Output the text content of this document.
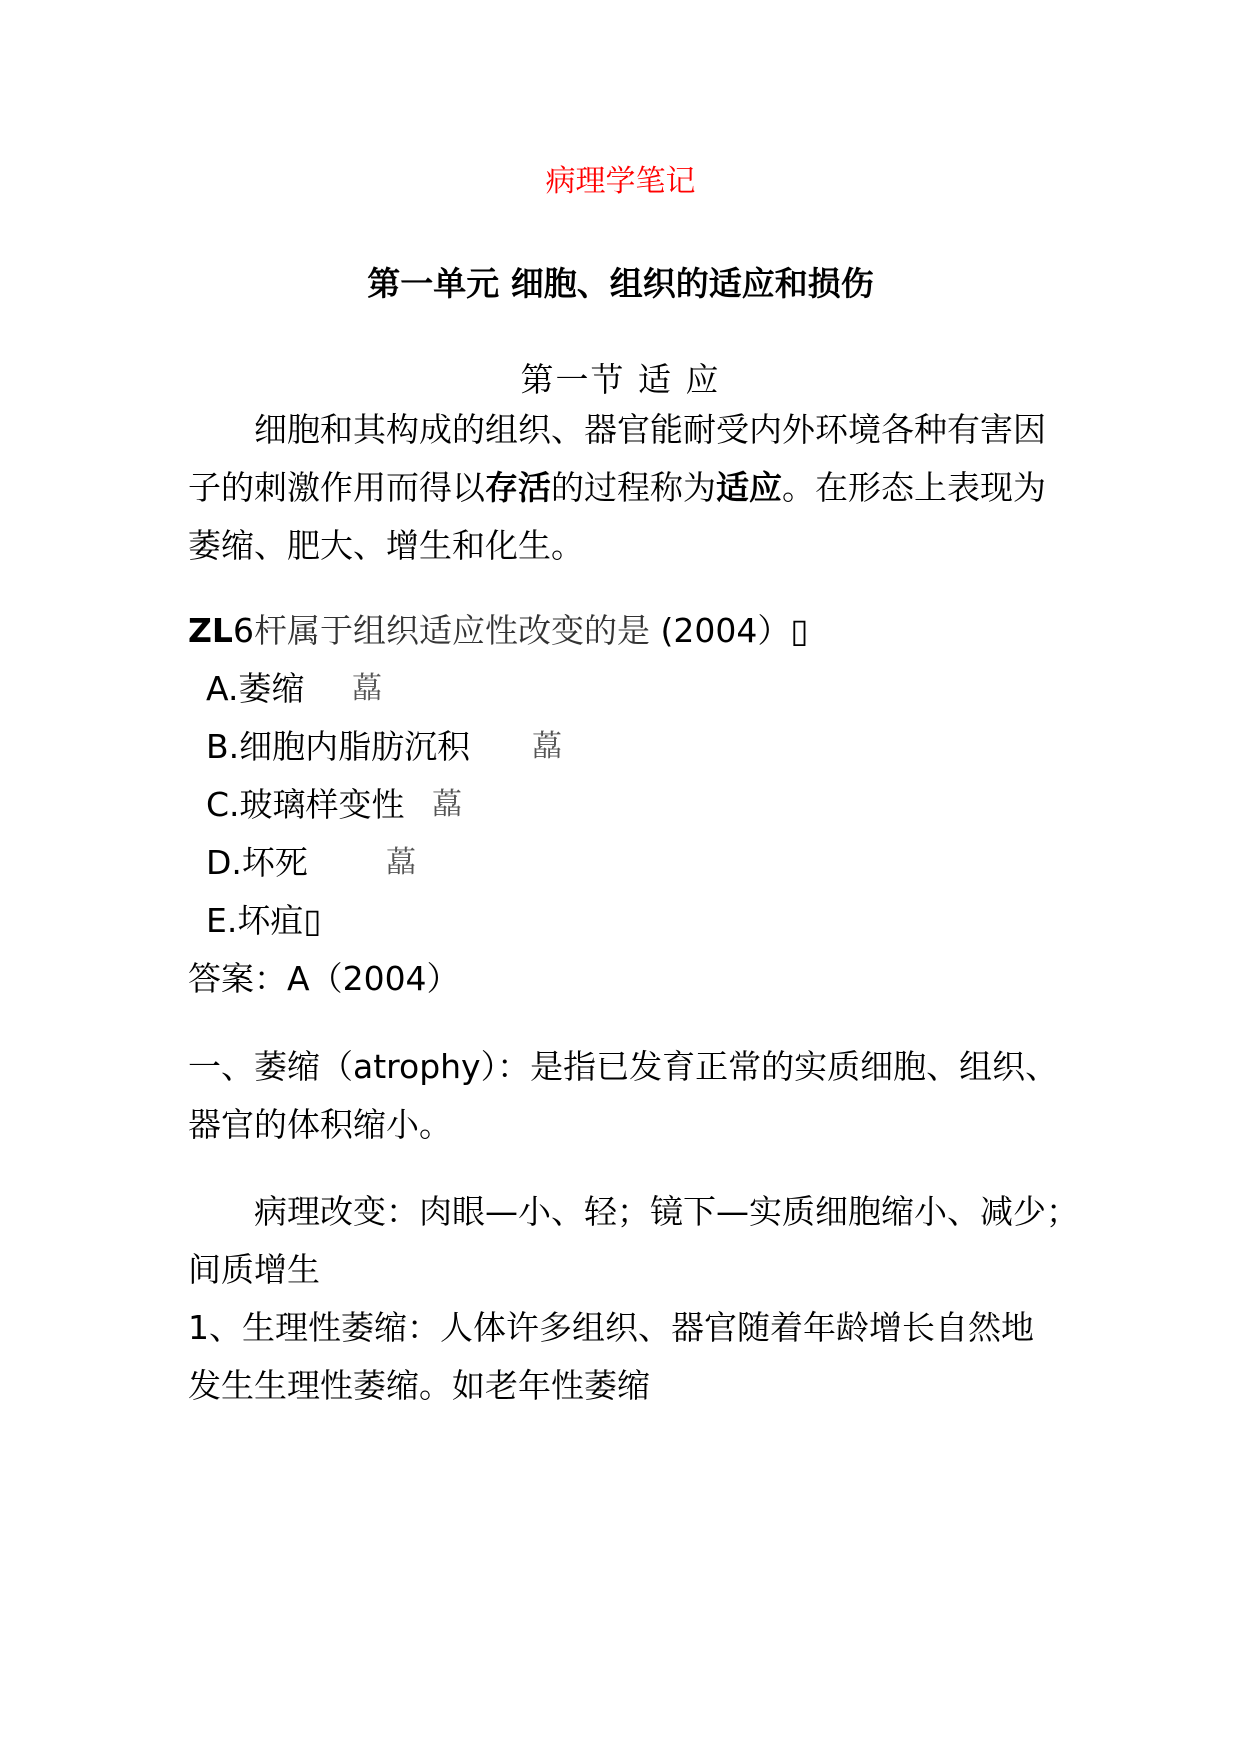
病理学笔记
第一单元 细胞、组织的适应和损伤
第一节 适 应
细胞和其构成的组织、器官能耐受内外环境各种有害因
子的刺激作用而得以存活的过程称为适应。在形态上表现为
萎缩、肥大、增生和化生。
ZL6杆属于组织适应性改变的是 (2004）▯
A.萎缩 藠
B.细胞内脂肪沉积 藠
C.玻璃样变性 藠
D.坏死	藠
E.坏疽▯
答案：A（2004）
一、萎缩（atrophy）：是指已发育正常的实质细胞、组织、
器官的体积缩小。
病理改变：肉眼—小、轻；镜下—实质细胞缩小、减少；
间质增生
1、生理性萎缩：人体许多组织、器官随着年龄增长自然地
发生生理性萎缩。如老年性萎缩
